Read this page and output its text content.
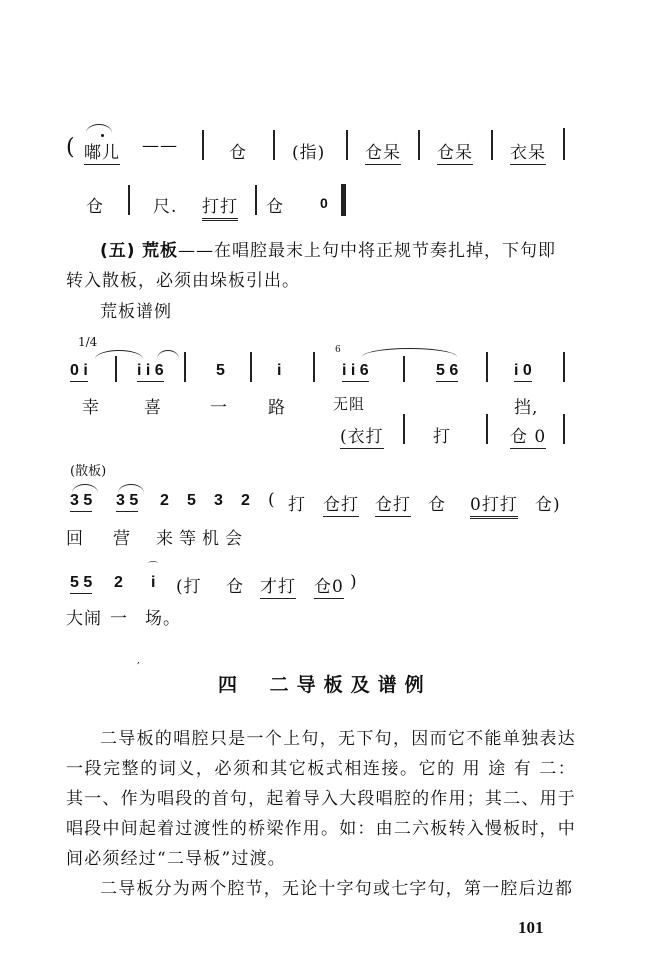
( 嘟儿 ——	仓	(指) 仓呆 仓呆 衣呆
仓	尺. 打打 仓	0
(五) 荒板——在唱腔最末上句中将正规节奏扎掉，下句即
转入散板，必须由垛板引出。
荒板谱例
1/4
0 i	i i 6	5	i
6
i i 6	5 6	i 0
幸	喜	一 路	无阻	挡,
(衣打	打	仓 0
(散板)
3 5 3 5 2 5 3 2 ( 打 仓打 仓打 仓 0打打 仓)
回 营 来 等 机 会
5 5 2
⌒
i (打 仓 才打 仓0 )
大闹 一 场。
′
四 二导板及谱例
二导板的唱腔只是一个上句，无下句，因而它不能单独表达一段完整的词义，必须和其它板式相连接。它的 用 途 有 二：其一、作为唱段的首句，起着导入大段唱腔的作用；其二、用于唱段中间起着过渡性的桥梁作用。如：由二六板转入慢板时，中间必须经过“二导板”过渡。
二导板分为两个腔节，无论十字句或七字句，第一腔后边都
101
